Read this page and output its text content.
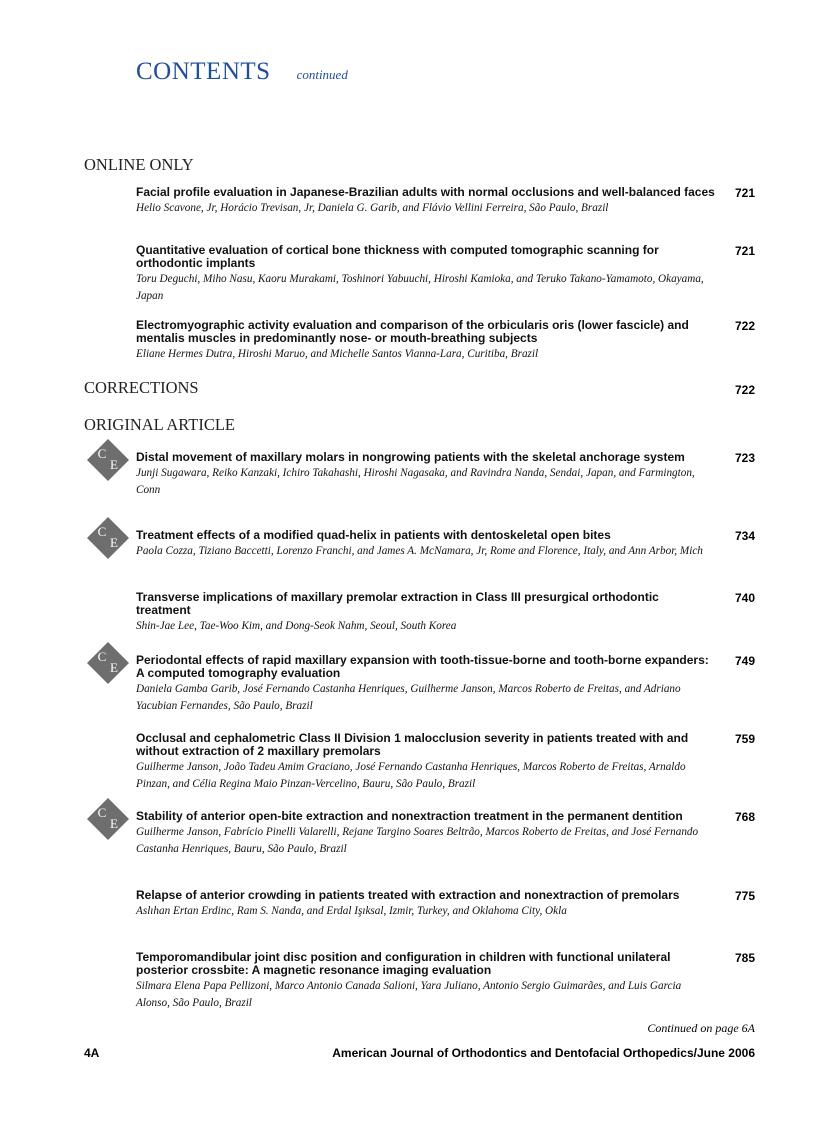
CONTENTS continued
ONLINE ONLY
Facial profile evaluation in Japanese-Brazilian adults with normal occlusions and well-balanced faces
Helio Scavone, Jr, Horácio Trevisan, Jr, Daniela G. Garib, and Flávio Vellini Ferreira, São Paulo, Brazil
721
Quantitative evaluation of cortical bone thickness with computed tomographic scanning for orthodontic implants
Toru Deguchi, Miho Nasu, Kaoru Murakami, Toshinori Yabuuchi, Hiroshi Kamioka, and Teruko Takano-Yamamoto, Okayama, Japan
721
Electromyographic activity evaluation and comparison of the orbicularis oris (lower fascicle) and mentalis muscles in predominantly nose- or mouth-breathing subjects
Eliane Hermes Dutra, Hiroshi Maruo, and Michelle Santos Vianna-Lara, Curitiba, Brazil
722
CORRECTIONS	722
ORIGINAL ARTICLE
C
E
C
E
C
E
C
E
Distal movement of maxillary molars in nongrowing patients with the skeletal anchorage system
Junji Sugawara, Reiko Kanzaki, Ichiro Takahashi, Hiroshi Nagasaka, and Ravindra Nanda, Sendai, Japan, and Farmington, Conn
723
Treatment effects of a modified quad-helix in patients with dentoskeletal open bites
Paola Cozza, Tiziano Baccetti, Lorenzo Franchi, and James A. McNamara, Jr, Rome and Florence, Italy, and Ann Arbor, Mich
734
Transverse implications of maxillary premolar extraction in Class III presurgical orthodontic treatment
Shin-Jae Lee, Tae-Woo Kim, and Dong-Seok Nahm, Seoul, South Korea
740
Periodontal effects of rapid maxillary expansion with tooth-tissue-borne and tooth-borne expanders: A computed tomography evaluation
Daniela Gamba Garib, José Fernando Castanha Henriques, Guilherme Janson, Marcos Roberto de Freitas, and Adriano Yacubian Fernandes, São Paulo, Brazil
749
Occlusal and cephalometric Class II Division 1 malocclusion severity in patients treated with and without extraction of 2 maxillary premolars
Guilherme Janson, João Tadeu Amim Graciano, José Fernando Castanha Henriques, Marcos Roberto de Freitas, Arnaldo Pinzan, and Célia Regina Maio Pinzan-Vercelino, Bauru, São Paulo, Brazil
759
Stability of anterior open-bite extraction and nonextraction treatment in the permanent dentition
Guilherme Janson, Fabrício Pinelli Valarelli, Rejane Targino Soares Beltrão, Marcos Roberto de Freitas, and José Fernando Castanha Henriques, Bauru, São Paulo, Brazil
768
Relapse of anterior crowding in patients treated with extraction and nonextraction of premolars
Aslıhan Ertan Erdinc, Ram S. Nanda, and Erdal Işıksal, Izmir, Turkey, and Oklahoma City, Okla
775
Temporomandibular joint disc position and configuration in children with functional unilateral posterior crossbite: A magnetic resonance imaging evaluation
Silmara Elena Papa Pellizoni, Marco Antonio Canada Salioni, Yara Juliano, Antonio Sergio Guimarães, and Luis Garcia Alonso, São Paulo, Brazil
785
Continued on page 6A
4A	American Journal of Orthodontics and Dentofacial Orthopedics/June 2006
